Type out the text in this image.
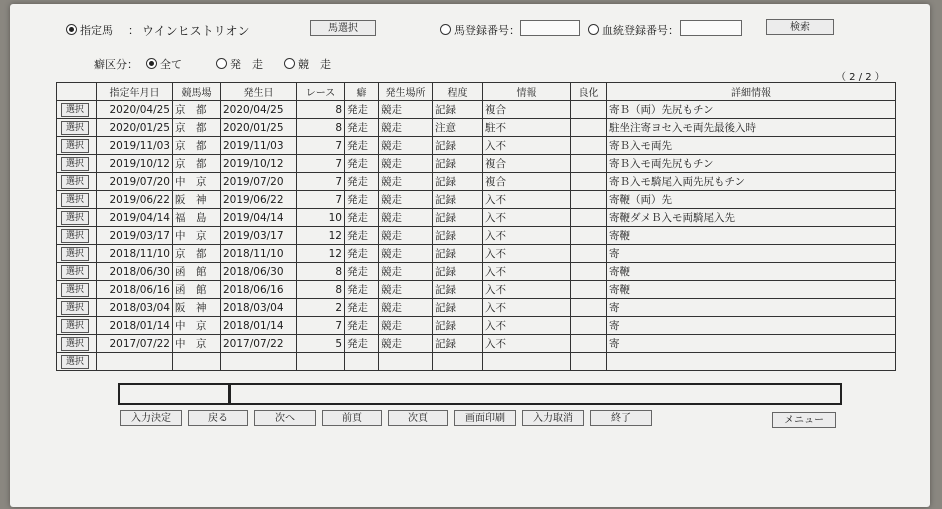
指定馬 ： ウインヒストリオン	馬選択	馬登録番号：	血統登録番号：	検索
癖区分：	全て	発　走	競　走
（ 2 / 2 ）
	指定年月日	競馬場	発生日	レース	癖	発生場所	程度	情報	良化	詳細情報
選択	2020/04/25	京　都	2020/04/25	8	発走	競走	記録	複合		寄Ｂ（両）先尻もチン
選択	2020/01/25	京　都	2020/01/25	8	発走	競走	注意	駐不		駐坐注寄ヨセ入モ両先最後入時
選択	2019/11/03	京　都	2019/11/03	7	発走	競走	記録	入不		寄Ｂ入モ両先
選択	2019/10/12	京　都	2019/10/12	7	発走	競走	記録	複合		寄Ｂ入モ両先尻もチン
選択	2019/07/20	中　京	2019/07/20	7	発走	競走	記録	複合		寄Ｂ入モ騎尾入両先尻もチン
選択	2019/06/22	阪　神	2019/06/22	7	発走	競走	記録	入不		寄鞭（両）先
選択	2019/04/14	福　島	2019/04/14	10	発走	競走	記録	入不		寄鞭ダメＢ入モ両騎尾入先
選択	2019/03/17	中　京	2019/03/17	12	発走	競走	記録	入不		寄鞭
選択	2018/11/10	京　都	2018/11/10	12	発走	競走	記録	入不		寄
選択	2018/06/30	函　館	2018/06/30	8	発走	競走	記録	入不		寄鞭
選択	2018/06/16	函　館	2018/06/16	8	発走	競走	記録	入不		寄鞭
選択	2018/03/04	阪　神	2018/03/04	2	発走	競走	記録	入不		寄
選択	2018/01/14	中　京	2018/01/14	7	発走	競走	記録	入不		寄
選択	2017/07/22	中　京	2017/07/22	5	発走	競走	記録	入不		寄
選択										
入力決定	戻る	次へ	前頁	次頁	画面印刷	入力取消	終了	メニュー
